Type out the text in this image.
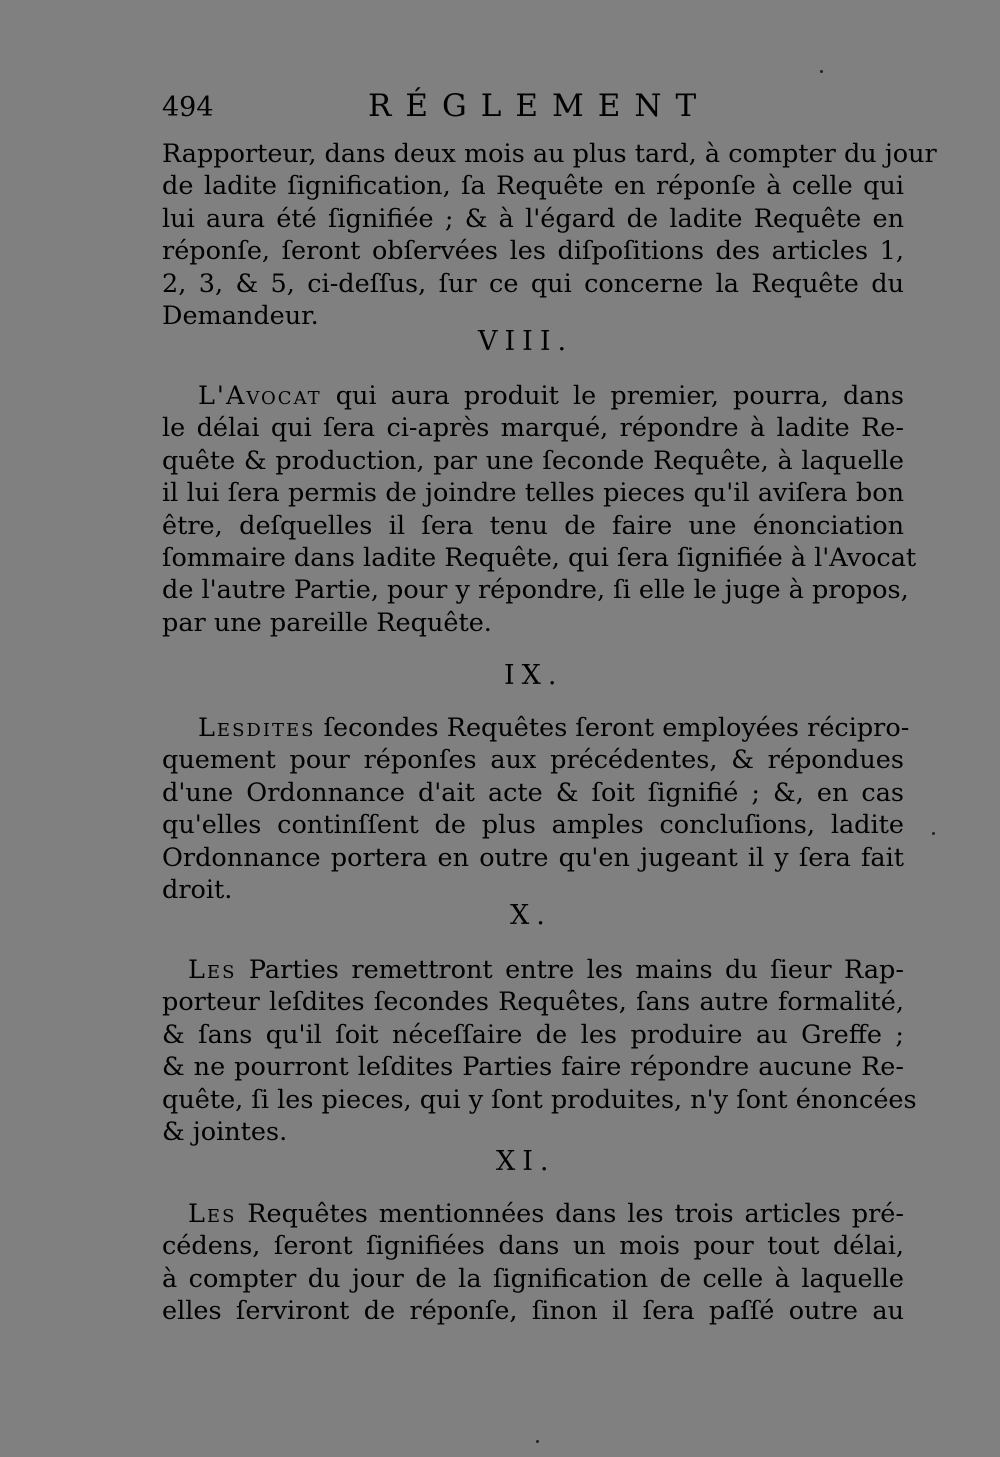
494	RÉGLEMENT
Rapporteur, dans deux mois au plus tard, à compter du jour
de ladite ſignification, ſa Requête en réponſe à celle qui
lui aura été ſignifiée ; & à l'égard de ladite Requête en
réponſe, ſeront obſervées les diſpoſitions des articles 1,
2, 3, & 5, ci-deſſus, ſur ce qui concerne la Requête du
Demandeur.
VIII.
L'Avocat qui aura produit le premier, pourra, dans
le délai qui ſera ci-après marqué, répondre à ladite Re-
quête & production, par une ſeconde Requête, à laquelle
il lui ſera permis de joindre telles pieces qu'il aviſera bon
être, deſquelles il ſera tenu de faire une énonciation
ſommaire dans ladite Requête, qui ſera ſignifiée à l'Avocat
de l'autre Partie, pour y répondre, ſi elle le juge à propos,
par une pareille Requête.
IX.
Lesdites ſecondes Requêtes ſeront employées récipro-
quement pour réponſes aux précédentes, & répondues
d'une Ordonnance d'ait acte & ſoit ſignifié ; &, en cas
qu'elles continſſent de plus amples concluſions, ladite
Ordonnance portera en outre qu'en jugeant il y ſera fait
droit.
X.
Les Parties remettront entre les mains du ſieur Rap-
porteur leſdites ſecondes Requêtes, ſans autre formalité,
& ſans qu'il ſoit néceſſaire de les produire au Greffe ;
& ne pourront leſdites Parties faire répondre aucune Re-
quête, ſi les pieces, qui y ſont produites, n'y ſont énoncées
& jointes.
XI.
Les Requêtes mentionnées dans les trois articles pré-
cédens, ſeront ſignifiées dans un mois pour tout délai,
à compter du jour de la ſignification de celle à laquelle
elles ſerviront de réponſe, ſinon il ſera paſſé outre au
